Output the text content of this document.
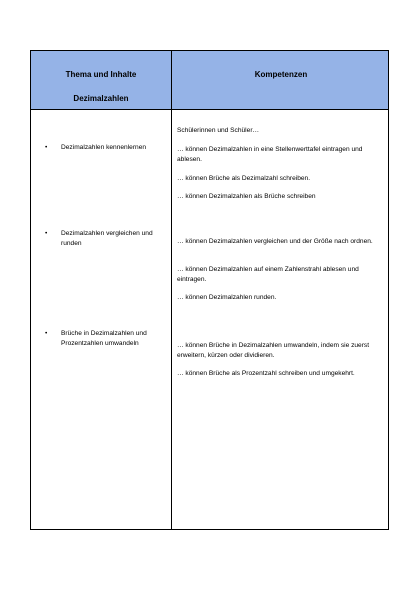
Thema und Inhalte
Dezimalzahlen
Kompetenzen
• Dezimalzahlen kennenlernen
Schülerinnen und Schüler…
… können Dezimalzahlen in eine Stellenwerttafel eintragen und ablesen.
… können Brüche als Dezimalzahl schreiben.
… können Dezimalzahlen als Brüche schreiben
• Dezimalzahlen vergleichen und runden	… können Dezimalzahlen vergleichen und der Größe nach ordnen.
… können Dezimalzahlen auf einem Zahlenstrahl ablesen und eintragen.
… können Dezimalzahlen runden.
• Brüche in Dezimalzahlen und Prozentzahlen umwandeln	… können Brüche in Dezimalzahlen umwandeln, indem sie zuerst erweitern, kürzen oder dividieren.
… können Brüche als Prozentzahl schreiben und umgekehrt.
